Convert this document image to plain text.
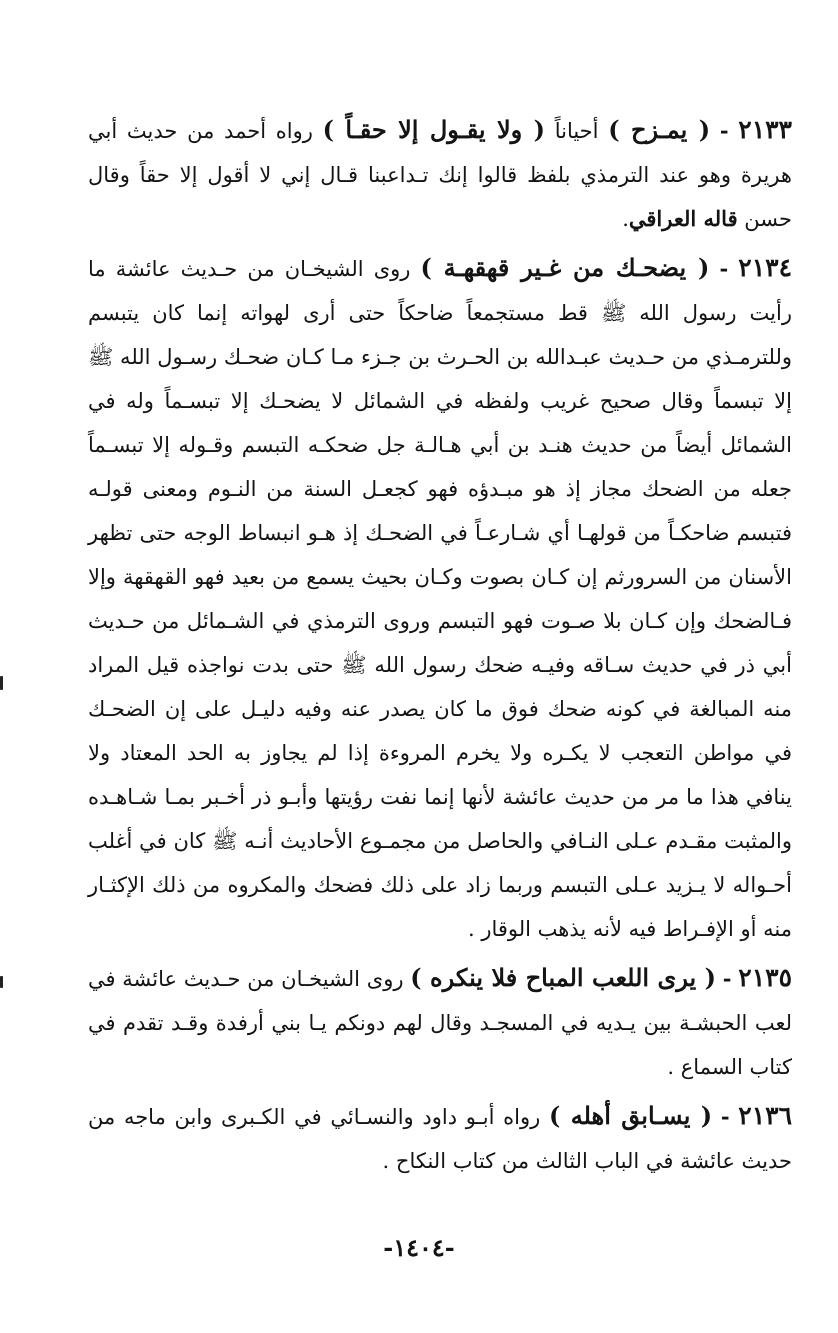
٢١٣٣ - ( يمـزح ) أحياناً ( ولا يقـول إلا حقـاً ) رواه أحمد من حديث أبي هريرة وهو عند الترمذي بلفظ قالوا إنك تـداعبنا قـال إني لا أقول إلا حقاً وقال حسن قاله العراقي.

٢١٣٤ - ( يضحـك من غـير قهقهـة ) روى الشيخـان من حـديث عائشة ما رأيت رسول الله ﷺ قط مستجمعاً ضاحكاً حتى أرى لهواته إنما كان يتبسم وللترمـذي من حـديث عبـدالله بن الحـرث بن جـزء مـا كـان ضحـك رسـول الله ﷺ إلا تبسماً وقال صحيح غريب ولفظه في الشمائل لا يضحـك إلا تبسـماً وله في الشمائل أيضاً من حديث هنـد بن أبي هـالـة جل ضحكـه التبسم وقـوله إلا تبسـماً جعله من الضحك مجاز إذ هو مبـدؤه فهو كجعـل السنة من النـوم ومعنى قولـه فتبسم ضاحكـاً من قولهـا أي شـارعـاً في الضحـك إذ هـو انبساط الوجه حتى تظهر الأسنان من السرورثم إن كـان بصوت وكـان بحيث يسمع من بعيد فهو القهقهة وإلا فـالضحك وإن كـان بلا صـوت فهو التبسم وروى الترمذي في الشـمائل من حـديث أبي ذر في حديث سـاقه وفيـه ضحك رسول الله ﷺ حتى بدت نواجذه قيل المراد منه المبالغة في كونه ضحك فوق ما كان يصدر عنه وفيه دليـل على إن الضحـك في مواطن التعجب لا يكـره ولا يخرم المروءة إذا لم يجاوز به الحد المعتاد ولا ينافي هذا ما مر من حديث عائشة لأنها إنما نفت رؤيتها وأبـو ذر أخـبر بمـا شـاهـده والمثبت مقـدم عـلى النـافي والحاصل من مجمـوع الأحاديث أنـه ﷺ كان في أغلب أحـواله لا يـزيد عـلى التبسم وربما زاد على ذلك فضحك والمكروه من ذلك الإكثـار منه أو الإفـراط فيه لأنه يذهب الوقار .

٢١٣٥ - ( يرى اللعب المباح فلا ينكره ) روى الشيخـان من حـديث عائشة في لعب الحبشـة بين يـديه في المسجـد وقال لهم دونكم يـا بني أرفدة وقـد تقدم في كتاب السماع .

٢١٣٦ - ( يسـابق أهله ) رواه أبـو داود والنسـائي في الكـبرى وابن ماجه من حديث عائشة في الباب الثالث من كتاب النكاح .

-١٤٠٤-
